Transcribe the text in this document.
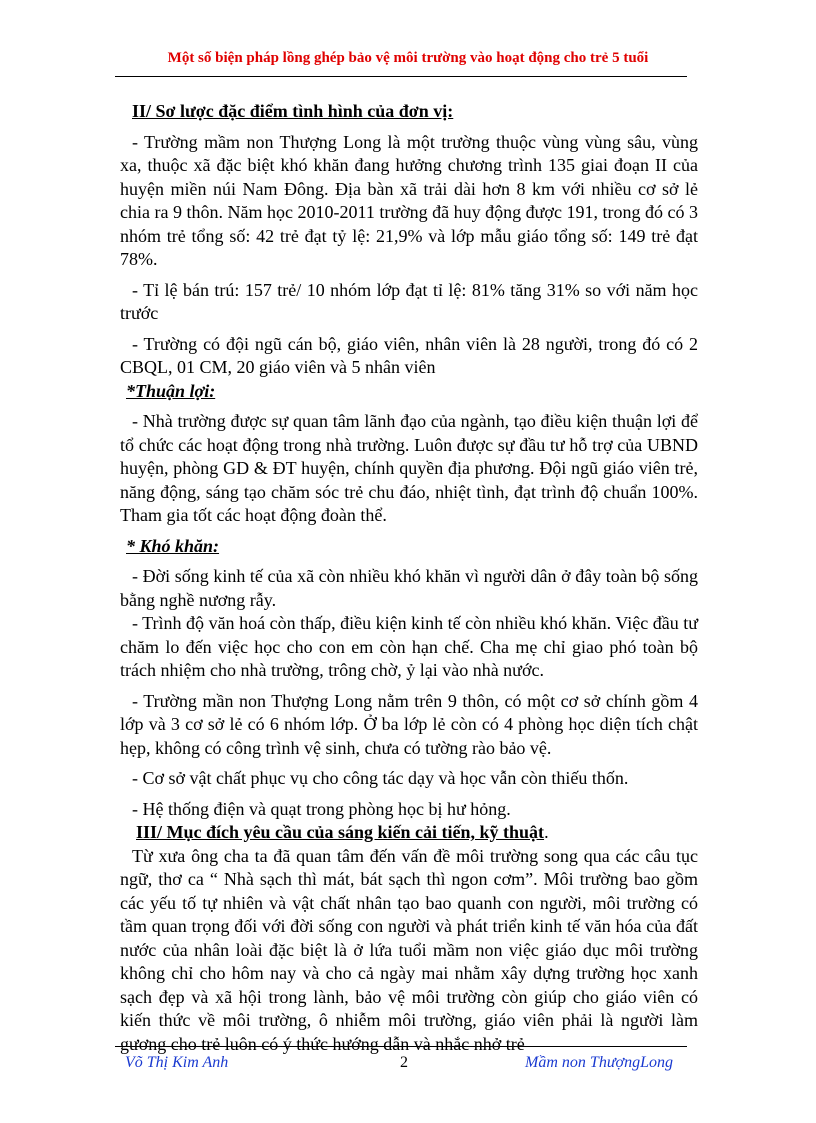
Một số biện pháp lồng ghép bảo vệ môi trường vào hoạt động cho trẻ 5 tuổi

II/ Sơ lược đặc điểm tình hình của đơn vị:

- Trường mầm non Thượng Long là một trường thuộc vùng vùng sâu, vùng xa, thuộc xã đặc biệt khó khăn đang hưởng chương trình 135 giai đoạn II của huyện miền núi Nam Đông. Địa bàn xã trải dài hơn 8 km với nhiều cơ sở lẻ chia ra 9 thôn. Năm học 2010-2011 trường đã huy động được 191, trong đó có 3 nhóm trẻ tổng số: 42 trẻ đạt tỷ lệ: 21,9% và lớp mẫu giáo tổng số: 149 trẻ đạt 78%.

- Tỉ lệ bán trú: 157 trẻ/ 10 nhóm lớp đạt tỉ lệ: 81% tăng 31% so với năm học trước

- Trường có đội ngũ cán bộ, giáo viên, nhân viên là 28 người, trong đó có 2 CBQL, 01 CM, 20 giáo viên và 5 nhân viên

*Thuận lợi:

- Nhà trường được sự quan tâm lãnh đạo của ngành, tạo điều kiện thuận lợi để tổ chức các hoạt động trong nhà trường. Luôn được sự đầu tư hỗ trợ của UBND huyện, phòng GD & ĐT huyện, chính quyền địa phương. Đội ngũ giáo viên trẻ, năng động, sáng tạo chăm sóc trẻ chu đáo, nhiệt tình, đạt trình độ chuẩn 100%. Tham gia tốt các hoạt động đoàn thể.

* Khó khăn:

- Đời sống kinh tế của xã còn nhiều khó khăn vì người dân ở đây toàn bộ sống bằng nghề nương rẫy.

- Trình độ văn hoá còn thấp, điều kiện kinh tế còn nhiều khó khăn. Việc đầu tư chăm lo đến việc học cho con em còn hạn chế. Cha mẹ chỉ giao phó toàn bộ trách nhiệm cho nhà trường, trông chờ, ỷ lại vào nhà nước.

- Trường mần non Thượng Long nằm trên 9 thôn, có một cơ sở chính gồm 4 lớp và 3 cơ sở lẻ có 6 nhóm lớp. Ở ba lớp lẻ còn có 4 phòng học diện tích chật hẹp, không có công trình vệ sinh, chưa có tường rào bảo vệ.

- Cơ sở vật chất phục vụ cho công tác dạy và học vẫn còn thiếu thốn.

- Hệ thống điện và quạt trong phòng học bị hư hỏng.

III/ Mục đích yêu cầu của sáng kiến cải tiến, kỹ thuật.

Từ xưa ông cha ta đã quan tâm đến vấn đề môi trường song qua các câu tục ngữ, thơ ca “ Nhà sạch thì mát, bát sạch thì ngon cơm”. Môi trường bao gồm các yếu tố tự nhiên và vật chất nhân tạo bao quanh con người, môi trường có tầm quan trọng đối với đời sống con người và phát triển kinh tế văn hóa của đất nước của nhân loài đặc biệt là ở lứa tuổi mầm non việc giáo dục môi trường không chỉ cho hôm nay và cho cả ngày mai nhằm xây dựng trường học xanh sạch đẹp và xã hội trong lành, bảo vệ môi trường còn giúp cho giáo viên có kiến thức về môi trường, ô nhiễm môi trường, giáo viên phải là người làm gương cho trẻ luôn có ý thức hướng dẫn và nhắc nhở trẻ

Võ Thị Kim Anh	2	Mầm non ThượngLong
